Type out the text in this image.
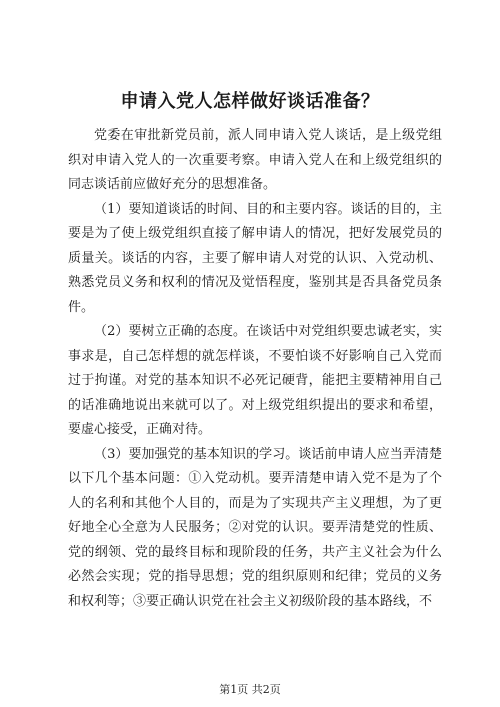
申请入党人怎样做好谈话准备？

党委在审批新党员前，派人同申请入党人谈话，是上级党组织对申请入党人的一次重要考察。申请入党人在和上级党组织的同志谈话前应做好充分的思想准备。

（1）要知道谈话的时间、目的和主要内容。谈话的目的，主要是为了使上级党组织直接了解申请人的情况，把好发展党员的质量关。谈话的内容，主要了解申请人对党的认识、入党动机、熟悉党员义务和权利的情况及觉悟程度，鉴别其是否具备党员条件。

（2）要树立正确的态度。在谈话中对党组织要忠诚老实，实事求是，自己怎样想的就怎样谈，不要怕谈不好影响自己入党而过于拘谨。对党的基本知识不必死记硬背，能把主要精神用自己的话准确地说出来就可以了。对上级党组织提出的要求和希望，要虚心接受，正确对待。

（3）要加强党的基本知识的学习。谈话前申请人应当弄清楚以下几个基本问题：①入党动机。要弄清楚申请入党不是为了个人的名利和其他个人目的，而是为了实现共产主义理想，为了更好地全心全意为人民服务；②对党的认识。要弄清楚党的性质、党的纲领、党的最终目标和现阶段的任务，共产主义社会为什么必然会实现；党的指导思想；党的组织原则和纪律；党员的义务和权利等；③要正确认识党在社会主义初级阶段的基本路线，不

第1页 共2页
